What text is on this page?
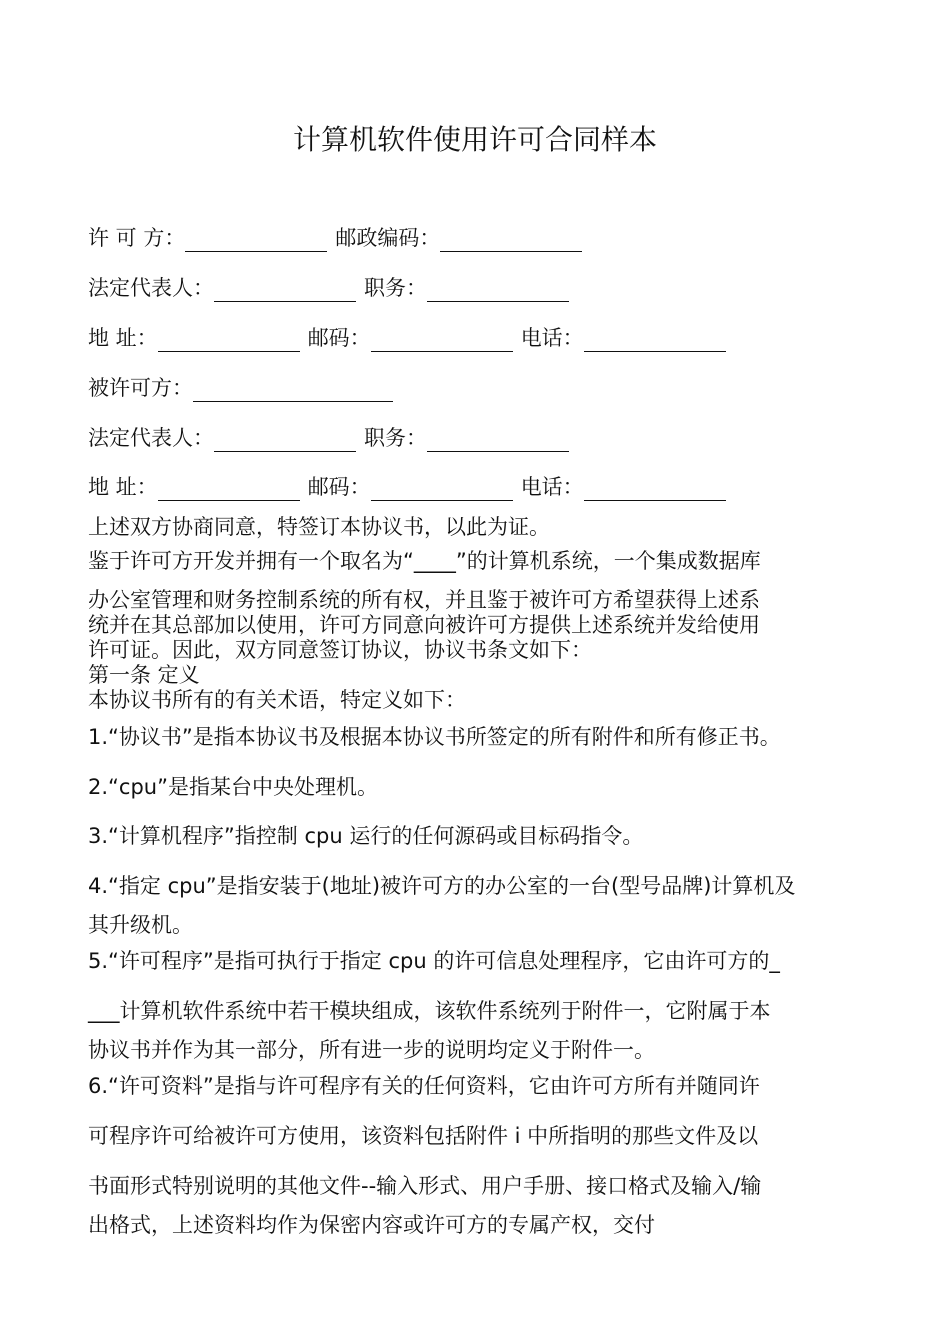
计算机软件使用许可合同样本
许 可 方：	邮政编码：
法定代表人：	职务：
地 址：	邮码：	电话：
被许可方：
法定代表人：	职务：
地 址：	邮码：	电话：
上述双方协商同意，特签订本协议书，以此为证。
鉴于许可方开发并拥有一个取名为“____”的计算机系统，一个集成数据库
办公室管理和财务控制系统的所有权，并且鉴于被许可方希望获得上述系
统并在其总部加以使用，许可方同意向被许可方提供上述系统并发给使用
许可证。因此，双方同意签订协议，协议书条文如下：
第一条 定义
本协议书所有的有关术语，特定义如下：
1.“协议书”是指本协议书及根据本协议书所签定的所有附件和所有修正书。
2.“cpu”是指某台中央处理机。
3.“计算机程序”指控制 cpu 运行的任何源码或目标码指令。
4.“指定 cpu”是指安装于(地址)被许可方的办公室的一台(型号品牌)计算机及
其升级机。
5.“许可程序”是指可执行于指定 cpu 的许可信息处理程序，它由许可方的_
___计算机软件系统中若干模块组成，该软件系统列于附件一，它附属于本
协议书并作为其一部分，所有进一步的说明均定义于附件一。
6.“许可资料”是指与许可程序有关的任何资料，它由许可方所有并随同许
可程序许可给被许可方使用，该资料包括附件 i 中所指明的那些文件及以
书面形式特别说明的其他文件--输入形式、用户手册、接口格式及输入/输
出格式，上述资料均作为保密内容或许可方的专属产权，交付
